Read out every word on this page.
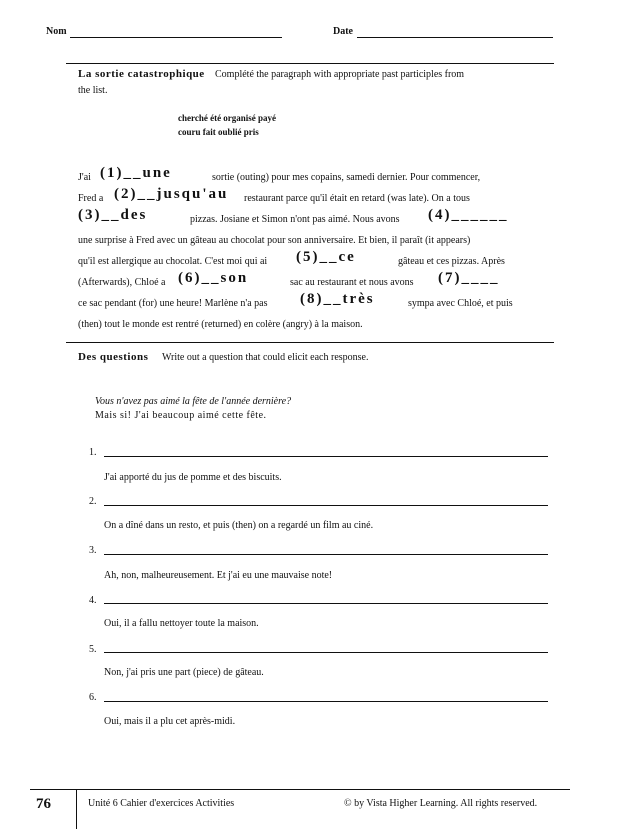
Nom	Date
La sortie catastrophique Complété the paragraph with appropriate past participles from
the list.
cherché été organisé payé
couru fait oublié pris
J'ai (1)__une	sortie (outing) pour mes copains, samedi dernier. Pour commencer,
Fred a (2)__jusqu'au restaurant parce qu'il était en retard (was late). On a tous
(3)__des	pizzas. Josiane et Simon n'ont pas aimé. Nous avons (4)______
une surprise à Fred avec un gâteau au chocolat pour son anniversaire. Et bien, il paraît (it appears)
qu'il est allergique au chocolat. C'est moi qui ai (5)__ce	gâteau et ces pizzas. Après
(Afterwards), Chloé a (6)__son	sac au restaurant et nous avons (7)____
ce sac pendant (for) une heure! Marlène n'a pas (8)__très	sympa avec Chloé, et puis
(then) tout le monde est rentré (returned) en colère (angry) à la maison.
Des questions Write out a question that could elicit each response.
Vous n'avez pas aimé la fête de l'année dernière?
Mais si! J'ai beaucoup aimé cette fête.
1.
J'ai apporté du jus de pomme et des biscuits.
2.
On a dîné dans un resto, et puis (then) on a regardé un film au ciné.
3.
Ah, non, malheureusement. Et j'ai eu une mauvaise note!
4.
Oui, il a fallu nettoyer toute la maison.
5.
Non, j'ai pris une part (piece) de gâteau.
6.
Oui, mais il a plu cet après-midi.
76	Unité 6 Cahier d'exercices Activities	© by Vista Higher Learning. All rights reserved.
